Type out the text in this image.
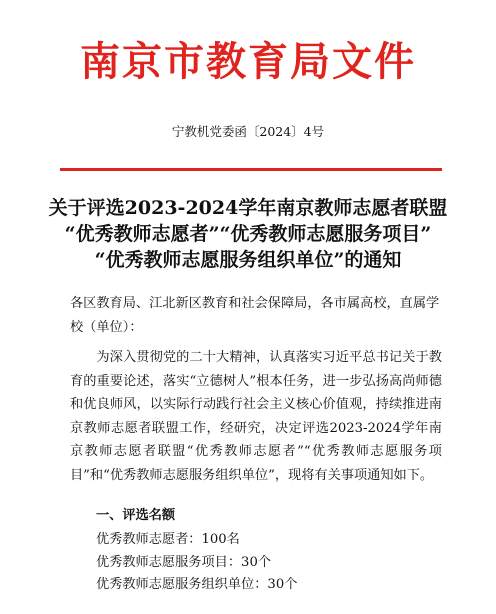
南京市教育局文件
宁教机党委函〔2024〕4号
关于评选2023-2024学年南京教师志愿者联盟
“优秀教师志愿者”“优秀教师志愿服务项目”
“优秀教师志愿服务组织单位”的通知

各区教育局、江北新区教育和社会保障局，各市属高校，直属学校（单位）：

为深入贯彻党的二十大精神，认真落实习近平总书记关于教育的重要论述，落实“立德树人”根本任务，进一步弘扬高尚师德和优良师风，以实际行动践行社会主义核心价值观，持续推进南京教师志愿者联盟工作，经研究，决定评选2023-2024学年南京教师志愿者联盟“优秀教师志愿者”“优秀教师志愿服务项目”和“优秀教师志愿服务组织单位”，现将有关事项通知如下。

一、评选名额
优秀教师志愿者：100名
优秀教师志愿服务项目：30个
优秀教师志愿服务组织单位：30个
